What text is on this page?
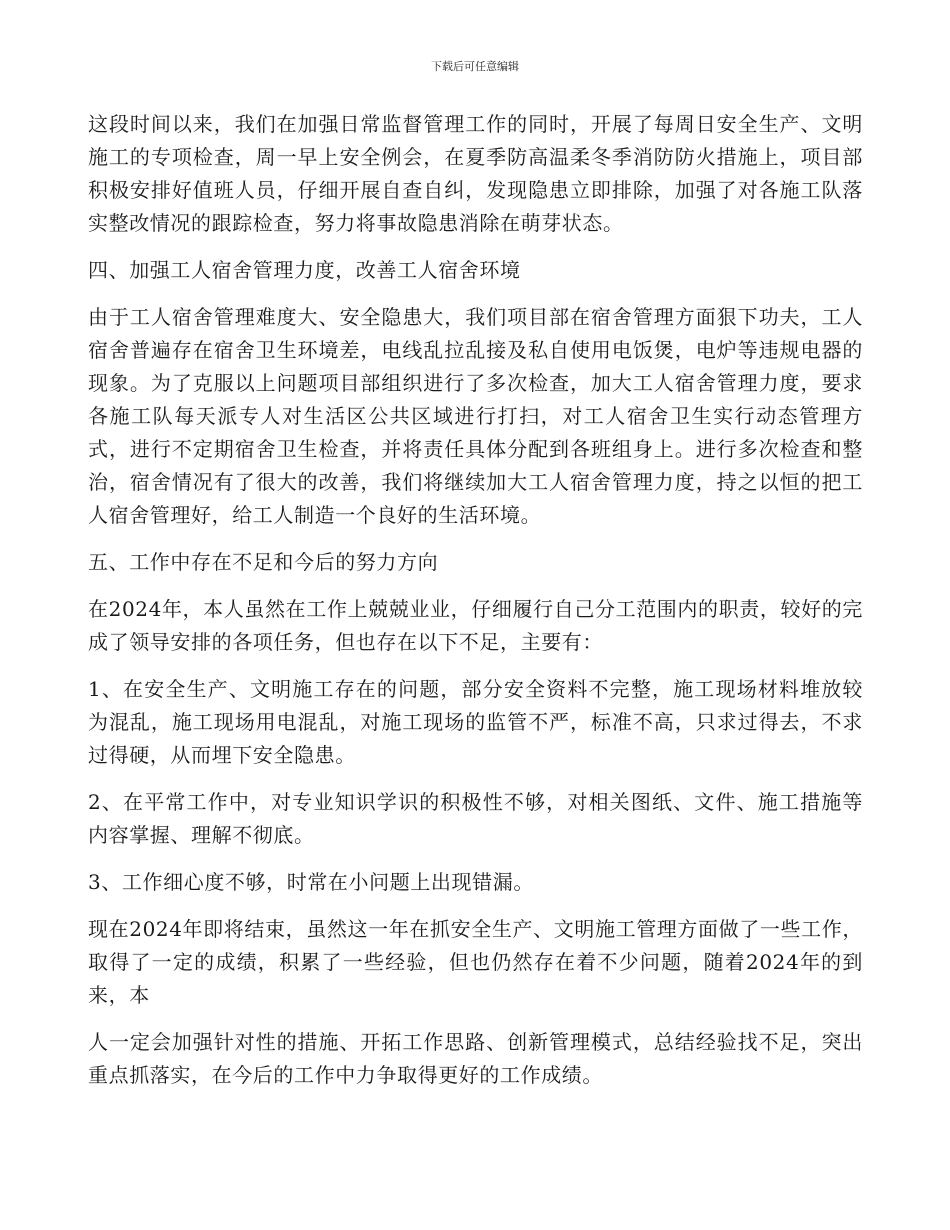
下载后可任意编辑

这段时间以来，我们在加强日常监督管理工作的同时，开展了每周日安全生产、文明施工的专项检查，周一早上安全例会，在夏季防高温柔冬季消防防火措施上，项目部积极安排好值班人员，仔细开展自查自纠，发现隐患立即排除，加强了对各施工队落实整改情况的跟踪检查，努力将事故隐患消除在萌芽状态。

四、加强工人宿舍管理力度，改善工人宿舍环境

由于工人宿舍管理难度大、安全隐患大，我们项目部在宿舍管理方面狠下功夫，工人宿舍普遍存在宿舍卫生环境差，电线乱拉乱接及私自使用电饭煲，电炉等违规电器的现象。为了克服以上问题项目部组织进行了多次检查，加大工人宿舍管理力度，要求各施工队每天派专人对生活区公共区域进行打扫，对工人宿舍卫生实行动态管理方式，进行不定期宿舍卫生检查，并将责任具体分配到各班组身上。进行多次检查和整治，宿舍情况有了很大的改善，我们将继续加大工人宿舍管理力度，持之以恒的把工人宿舍管理好，给工人制造一个良好的生活环境。

五、工作中存在不足和今后的努力方向

在2024年，本人虽然在工作上兢兢业业，仔细履行自己分工范围内的职责，较好的完成了领导安排的各项任务，但也存在以下不足，主要有：

1、在安全生产、文明施工存在的问题，部分安全资料不完整，施工现场材料堆放较为混乱，施工现场用电混乱，对施工现场的监管不严，标准不高，只求过得去，不求过得硬，从而埋下安全隐患。

2、在平常工作中，对专业知识学识的积极性不够，对相关图纸、文件、施工措施等内容掌握、理解不彻底。

3、工作细心度不够，时常在小问题上出现错漏。

现在2024年即将结束，虽然这一年在抓安全生产、文明施工管理方面做了一些工作，取得了一定的成绩，积累了一些经验，但也仍然存在着不少问题，随着2024年的到来，本

人一定会加强针对性的措施、开拓工作思路、创新管理模式，总结经验找不足，突出重点抓落实，在今后的工作中力争取得更好的工作成绩。
